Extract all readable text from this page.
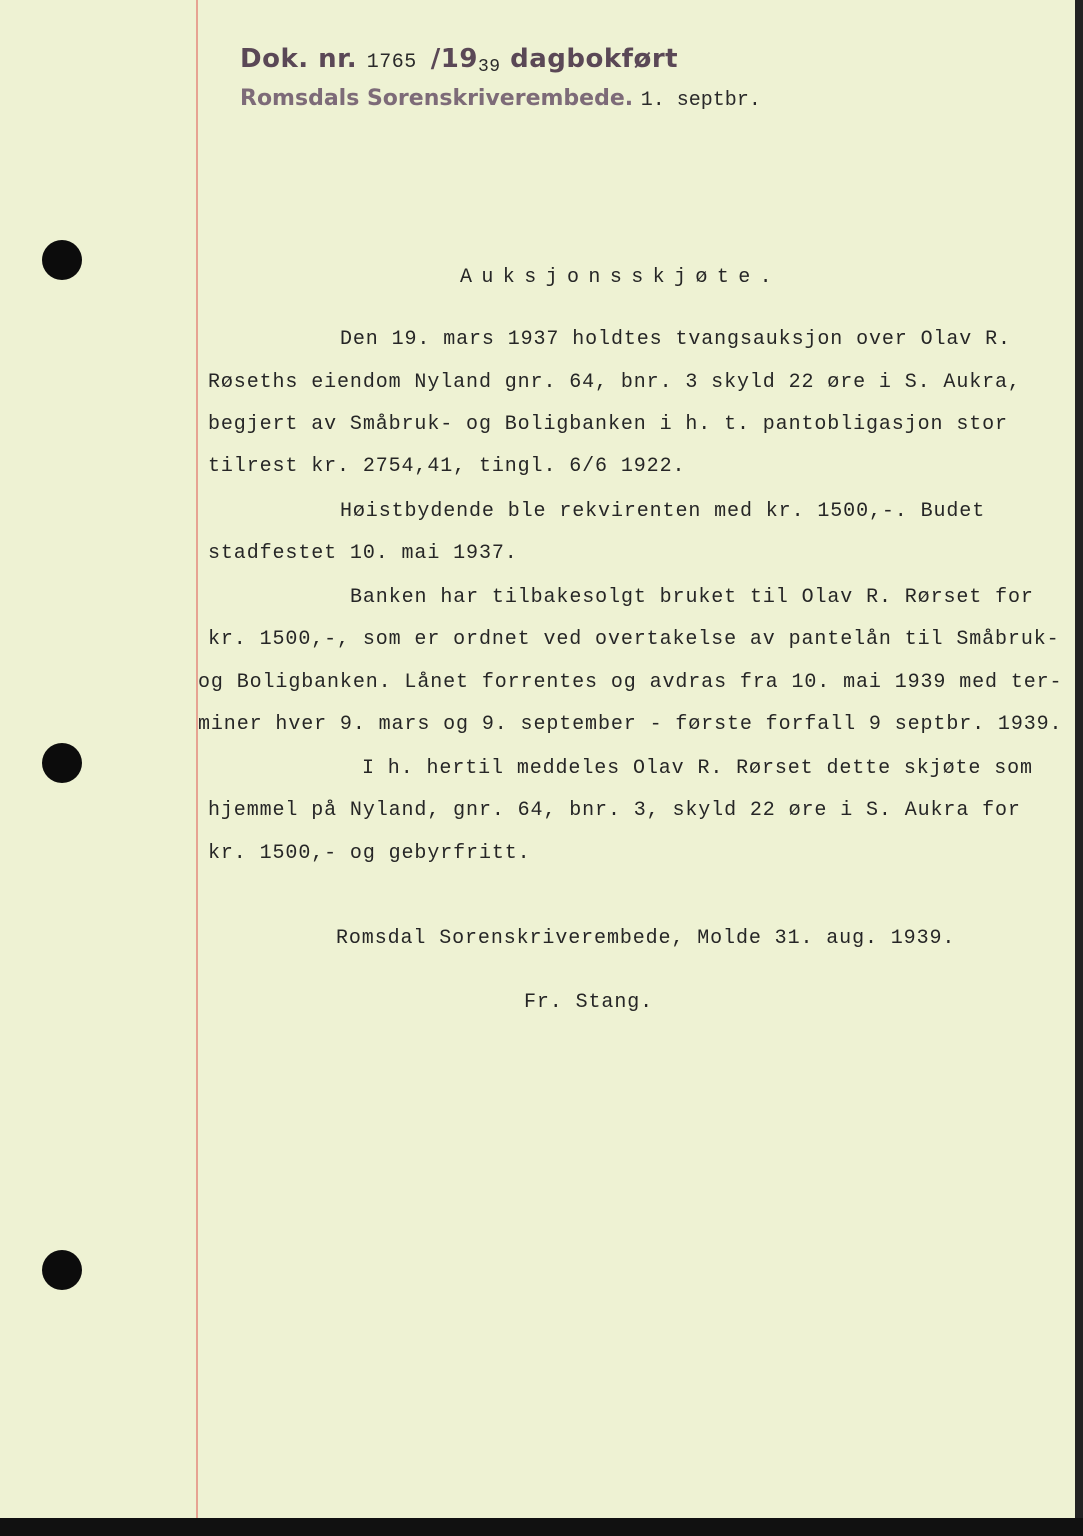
Dok. nr. 1765 /1939 dagbokført
Romsdals Sorenskriverembede. 1. septbr.

Auksjonsskjøte.

Den 19. mars 1937 holdtes tvangsauksjon over Olav R.

Røseths eiendom Nyland gnr. 64, bnr. 3 skyld 22 øre i S. Aukra,

begjert av Småbruk- og Boligbanken i h. t. pantobligasjon stor

tilrest kr. 2754,41, tingl. 6/6 1922.

Høistbydende ble rekvirenten med kr. 1500,-. Budet

stadfestet 10. mai 1937.

Banken har tilbakesolgt bruket til Olav R. Rørset for

kr. 1500,-, som er ordnet ved overtakelse av pantelån til Småbruk-

og Boligbanken. Lånet forrentes og avdras fra 10. mai 1939 med ter-

miner hver 9. mars og 9. september - første forfall 9 septbr. 1939.

I h. hertil meddeles Olav R. Rørset dette skjøte som

hjemmel på Nyland, gnr. 64, bnr. 3, skyld 22 øre i S. Aukra for

kr. 1500,- og gebyrfritt.

Romsdal Sorenskriverembede, Molde 31. aug. 1939.

Fr. Stang.
